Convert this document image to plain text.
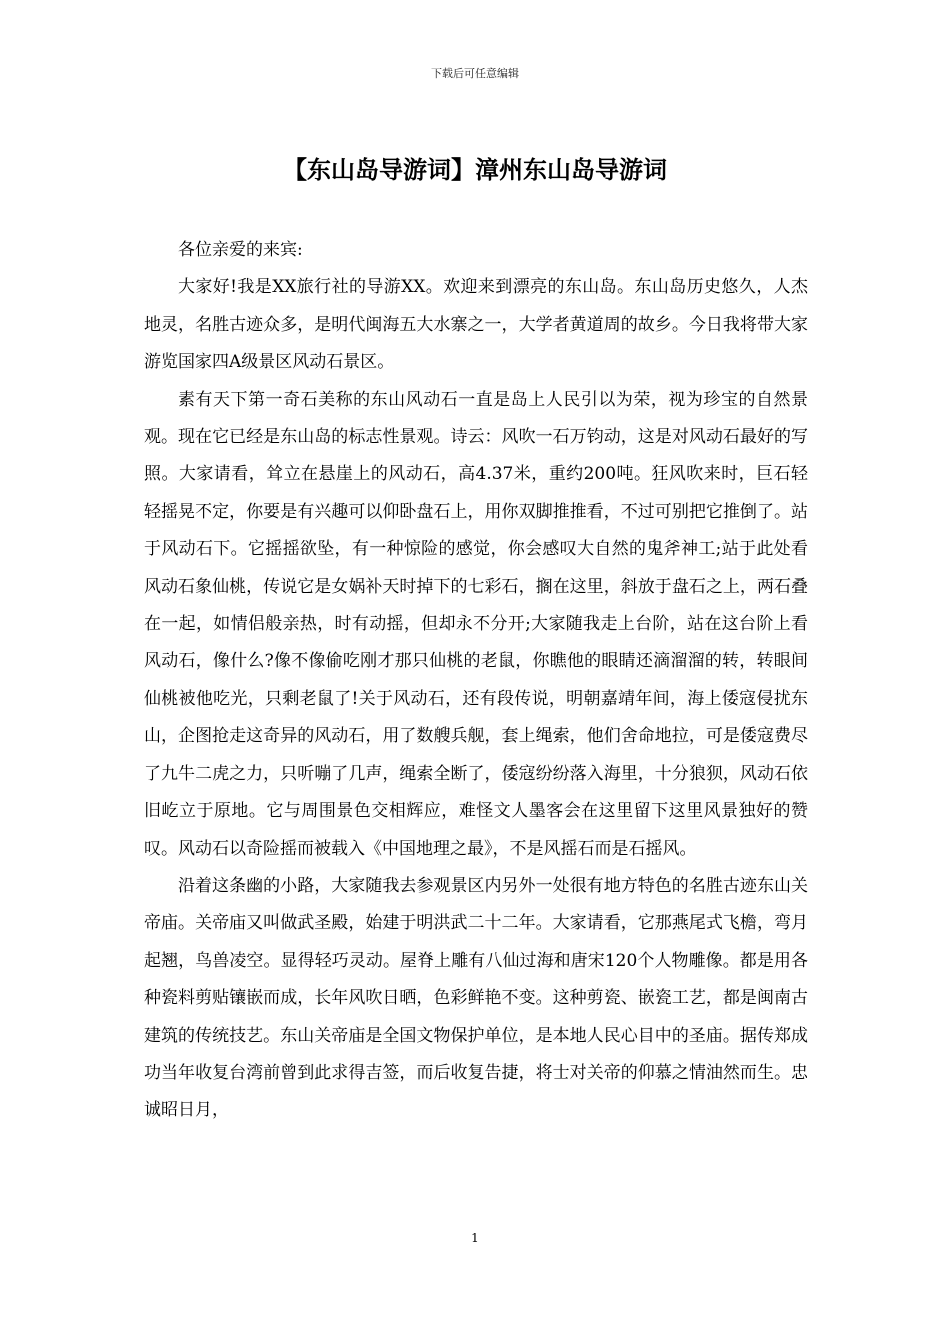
下载后可任意编辑
【东山岛导游词】漳州东山岛导游词

各位亲爱的来宾:

大家好!我是XX旅行社的导游XX。欢迎来到漂亮的东山岛。东山岛历史悠久，人杰地灵，名胜古迹众多，是明代闽海五大水寨之一，大学者黄道周的故乡。今日我将带大家游览国家四A级景区风动石景区。

素有天下第一奇石美称的东山风动石一直是岛上人民引以为荣，视为珍宝的自然景观。现在它已经是东山岛的标志性景观。诗云：风吹一石万钧动，这是对风动石最好的写照。大家请看，耸立在悬崖上的风动石，高4.37米，重约200吨。狂风吹来时，巨石轻轻摇晃不定，你要是有兴趣可以仰卧盘石上，用你双脚推推看，不过可别把它推倒了。站于风动石下。它摇摇欲坠，有一种惊险的感觉，你会感叹大自然的鬼斧神工;站于此处看风动石象仙桃，传说它是女娲补天时掉下的七彩石，搁在这里，斜放于盘石之上，两石叠在一起，如情侣般亲热，时有动摇，但却永不分开;大家随我走上台阶，站在这台阶上看风动石，像什么?像不像偷吃刚才那只仙桃的老鼠，你瞧他的眼睛还滴溜溜的转，转眼间仙桃被他吃光，只剩老鼠了!关于风动石，还有段传说，明朝嘉靖年间，海上倭寇侵扰东山，企图抢走这奇异的风动石，用了数艘兵舰，套上绳索，他们舍命地拉，可是倭寇费尽了九牛二虎之力，只听嘣了几声，绳索全断了，倭寇纷纷落入海里，十分狼狈，风动石依旧屹立于原地。它与周围景色交相辉应，难怪文人墨客会在这里留下这里风景独好的赞叹。风动石以奇险摇而被载入《中国地理之最》，不是风摇石而是石摇风。

沿着这条幽的小路，大家随我去参观景区内另外一处很有地方特色的名胜古迹东山关帝庙。关帝庙又叫做武圣殿，始建于明洪武二十二年。大家请看，它那燕尾式飞檐，弯月起翘，鸟兽凌空。显得轻巧灵动。屋脊上雕有八仙过海和唐宋120个人物雕像。都是用各种瓷料剪贴镶嵌而成，长年风吹日晒，色彩鲜艳不变。这种剪瓷、嵌瓷工艺，都是闽南古建筑的传统技艺。东山关帝庙是全国文物保护单位，是本地人民心目中的圣庙。据传郑成功当年收复台湾前曾到此求得吉签，而后收复告捷，将士对关帝的仰慕之情油然而生。忠诚昭日月，

1
